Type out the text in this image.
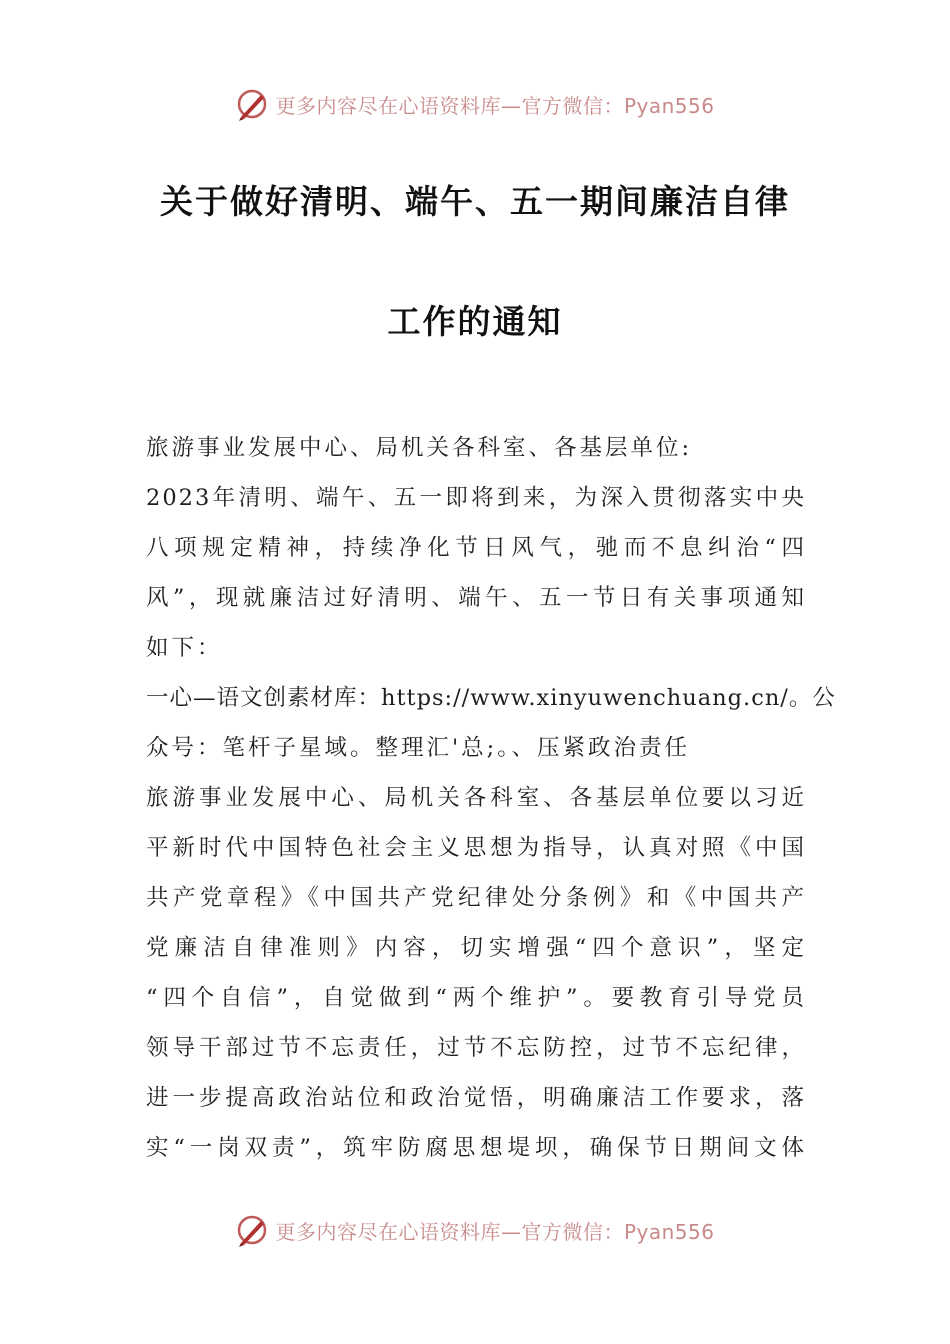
更多内容尽在心语资料库—官方微信：Pyan556
关于做好清明、端午、五一期间廉洁自律
工作的通知
旅游事业发展中心、局机关各科室、各基层单位:
2023年清明、端午、五一即将到来，为深入贯彻落实中央
八项规定精神，持续净化节日风气，驰而不息纠治“四
风”，现就廉洁过好清明、端午、五一节日有关事项通知
如下：
一心—语文创素材库：https://www.xinyuwenchuang.cn/。公
众号：笔杆子星域。整理汇'总;。、压紧政治责任
旅游事业发展中心、局机关各科室、各基层单位要以习近
平新时代中国特色社会主义思想为指导，认真对照《中国
共产党章程》《中国共产党纪律处分条例》和《中国共产
党廉洁自律准则》内容，切实增强“四个意识”，坚定
“四个自信”，自觉做到“两个维护”。要教育引导党员
领导干部过节不忘责任，过节不忘防控，过节不忘纪律，
进一步提高政治站位和政治觉悟，明确廉洁工作要求，落
实“一岗双责”，筑牢防腐思想堤坝，确保节日期间文体
更多内容尽在心语资料库—官方微信：Pyan556
